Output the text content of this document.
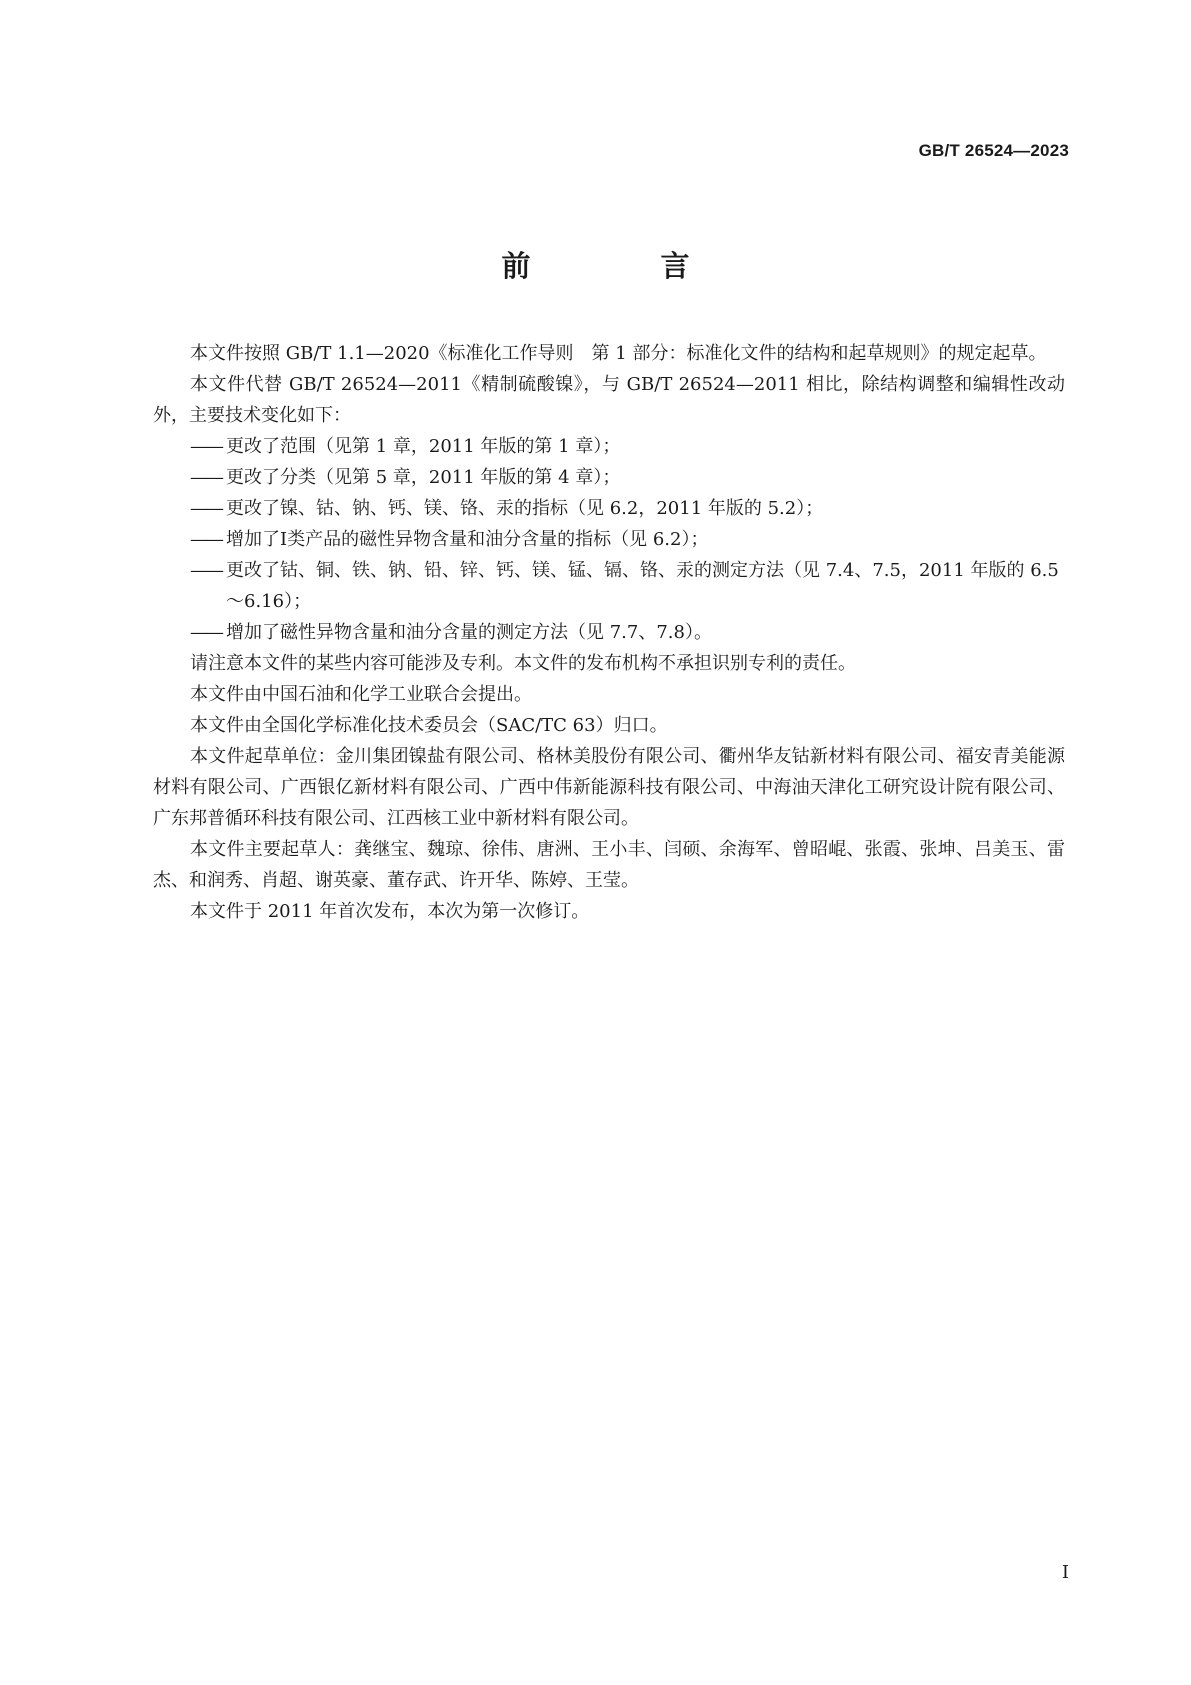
GB/T 26524—2023
前 言

本文件按照 GB/T 1.1—2020《标准化工作导则　第 1 部分：标准化文件的结构和起草规则》的规定起草。

本文件代替 GB/T 26524—2011《精制硫酸镍》，与 GB/T 26524—2011 相比，除结构调整和编辑性改动外，主要技术变化如下：

—— 更改了范围（见第 1 章，2011 年版的第 1 章）；

—— 更改了分类（见第 5 章，2011 年版的第 4 章）；

—— 更改了镍、钴、钠、钙、镁、铬、汞的指标（见 6.2，2011 年版的 5.2）；

—— 增加了Ⅰ类产品的磁性异物含量和油分含量的指标（见 6.2）；

—— 更改了钴、铜、铁、钠、铅、锌、钙、镁、锰、镉、铬、汞的测定方法（见 7.4、7.5，2011 年版的 6.5～6.16）；

—— 增加了磁性异物含量和油分含量的测定方法（见 7.7、7.8）。

请注意本文件的某些内容可能涉及专利。本文件的发布机构不承担识别专利的责任。

本文件由中国石油和化学工业联合会提出。

本文件由全国化学标准化技术委员会（SAC/TC 63）归口。

本文件起草单位：金川集团镍盐有限公司、格林美股份有限公司、衢州华友钴新材料有限公司、福安青美能源材料有限公司、广西银亿新材料有限公司、广西中伟新能源科技有限公司、中海油天津化工研究设计院有限公司、广东邦普循环科技有限公司、江西核工业中新材料有限公司。

本文件主要起草人：龚继宝、魏琼、徐伟、唐洲、王小丰、闫硕、余海军、曾昭崐、张霞、张坤、吕美玉、雷杰、和润秀、肖超、谢英豪、董存武、许开华、陈婷、王莹。

本文件于 2011 年首次发布，本次为第一次修订。

Ⅰ
